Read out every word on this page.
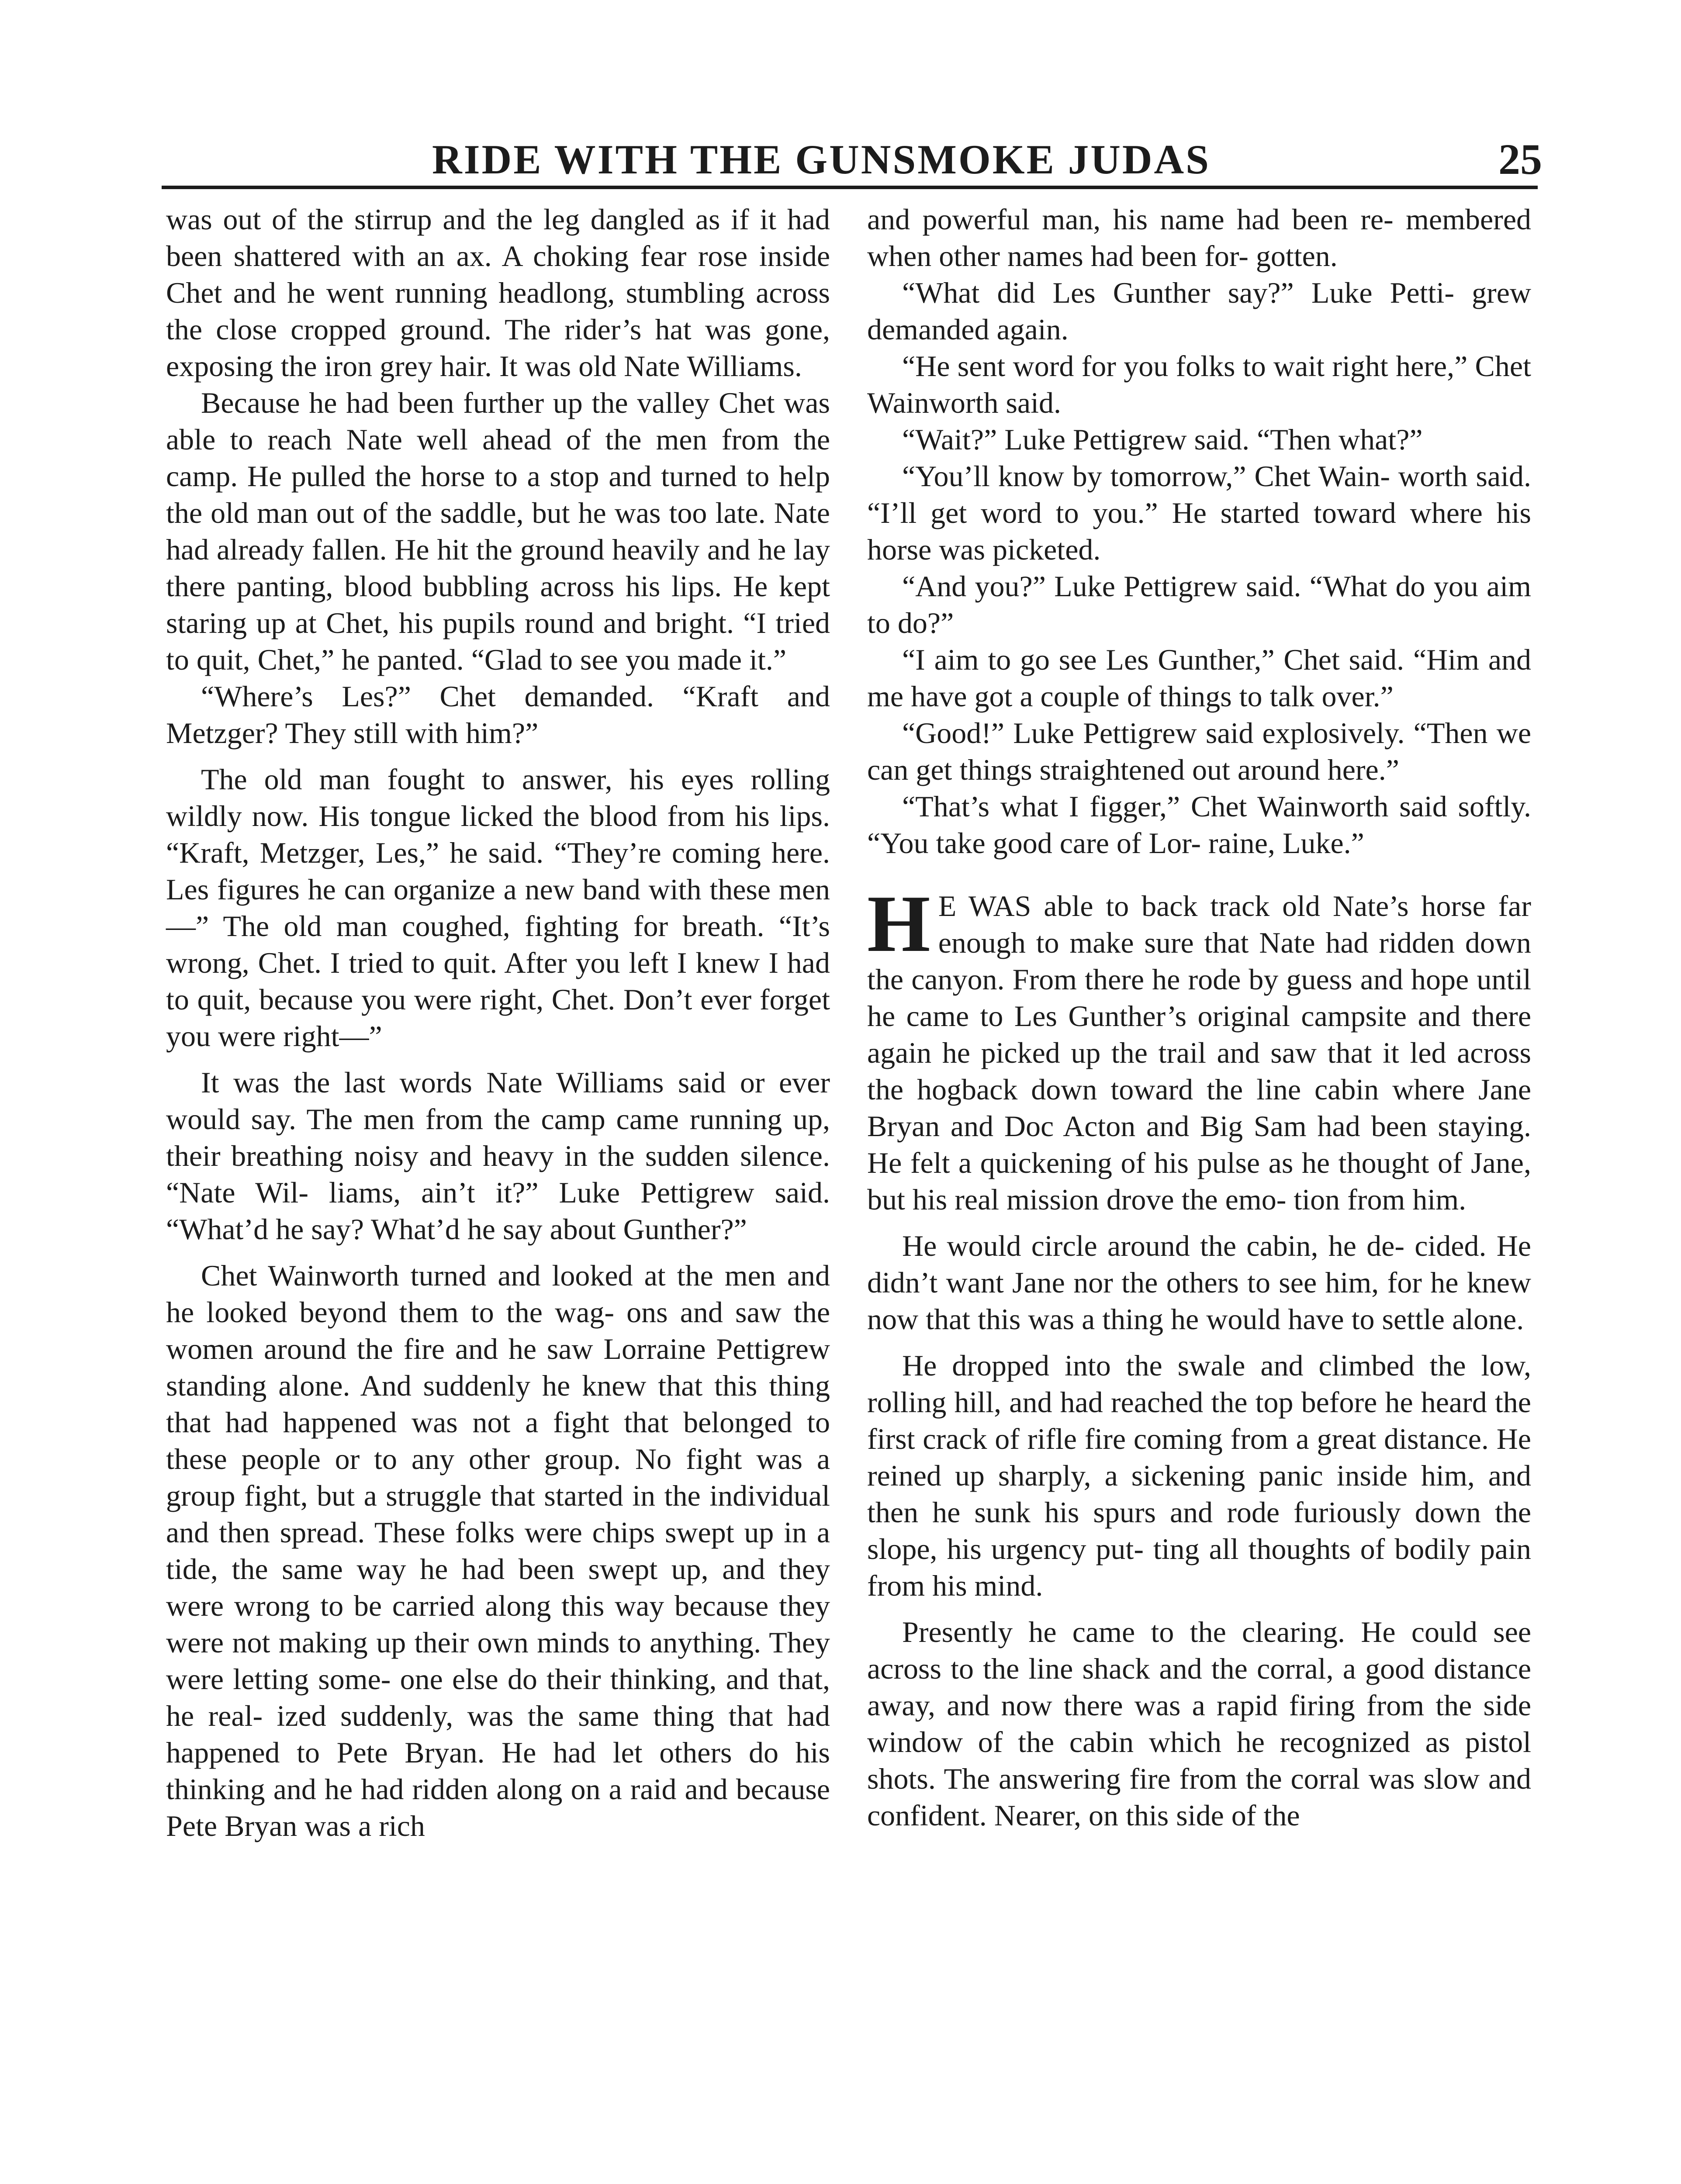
RIDE WITH THE GUNSMOKE JUDAS	25

was out of the stirrup and the leg dangled as if it had been shattered with an ax. A choking fear rose inside Chet and he went running headlong, stumbling across the close cropped ground. The rider’s hat was gone, exposing the iron grey hair. It was old Nate Williams.

Because he had been further up the valley Chet was able to reach Nate well ahead of the men from the camp. He pulled the horse to a stop and turned to help the old man out of the saddle, but he was too late. Nate had already fallen. He hit the ground heavily and he lay there panting, blood bubbling across his lips. He kept staring up at Chet, his pupils round and bright. “I tried to quit, Chet,” he panted. “Glad to see you made it.”

“Where’s Les?” Chet demanded. “Kraft and Metzger? They still with him?”

The old man fought to answer, his eyes rolling wildly now. His tongue licked the blood from his lips. “Kraft, Metzger, Les,” he said. “They’re coming here. Les figures he can organize a new band with these men—” The old man coughed, fighting for breath. “It’s wrong, Chet. I tried to quit. After you left I knew I had to quit, because you were right, Chet. Don’t ever forget you were right—”

It was the last words Nate Williams said or ever would say. The men from the camp came running up, their breathing noisy and heavy in the sudden silence. “Nate Wil- liams, ain’t it?” Luke Pettigrew said. “What’d he say? What’d he say about Gunther?”

Chet Wainworth turned and looked at the men and he looked beyond them to the wag- ons and saw the women around the fire and he saw Lorraine Pettigrew standing alone. And suddenly he knew that this thing that had happened was not a fight that belonged to these people or to any other group. No fight was a group fight, but a struggle that started in the individual and then spread. These folks were chips swept up in a tide, the same way he had been swept up, and they were wrong to be carried along this way because they were not making up their own minds to anything. They were letting some- one else do their thinking, and that, he real- ized suddenly, was the same thing that had happened to Pete Bryan. He had let others do his thinking and he had ridden along on a raid and because Pete Bryan was a rich

and powerful man, his name had been re- membered when other names had been for- gotten.

“What did Les Gunther say?” Luke Petti- grew demanded again.

“He sent word for you folks to wait right here,” Chet Wainworth said.

“Wait?” Luke Pettigrew said. “Then what?”

“You’ll know by tomorrow,” Chet Wain- worth said. “I’ll get word to you.” He started toward where his horse was picketed.

“And you?” Luke Pettigrew said. “What do you aim to do?”

“I aim to go see Les Gunther,” Chet said. “Him and me have got a couple of things to talk over.”

“Good!” Luke Pettigrew said explosively. “Then we can get things straightened out around here.”

“That’s what I figger,” Chet Wainworth said softly. “You take good care of Lor- raine, Luke.”

H E WAS able to back track old Nate’s horse far enough to make sure that Nate had ridden down the canyon. From there he rode by guess and hope until he came to Les Gunther’s original campsite and there again he picked up the trail and saw that it led across the hogback down toward the line cabin where Jane Bryan and Doc Acton and Big Sam had been staying. He felt a quickening of his pulse as he thought of Jane, but his real mission drove the emo- tion from him.

He would circle around the cabin, he de- cided. He didn’t want Jane nor the others to see him, for he knew now that this was a thing he would have to settle alone.

He dropped into the swale and climbed the low, rolling hill, and had reached the top before he heard the first crack of rifle fire coming from a great distance. He reined up sharply, a sickening panic inside him, and then he sunk his spurs and rode furiously down the slope, his urgency put- ting all thoughts of bodily pain from his mind.

Presently he came to the clearing. He could see across to the line shack and the corral, a good distance away, and now there was a rapid firing from the side window of the cabin which he recognized as pistol shots. The answering fire from the corral was slow and confident. Nearer, on this side of the
